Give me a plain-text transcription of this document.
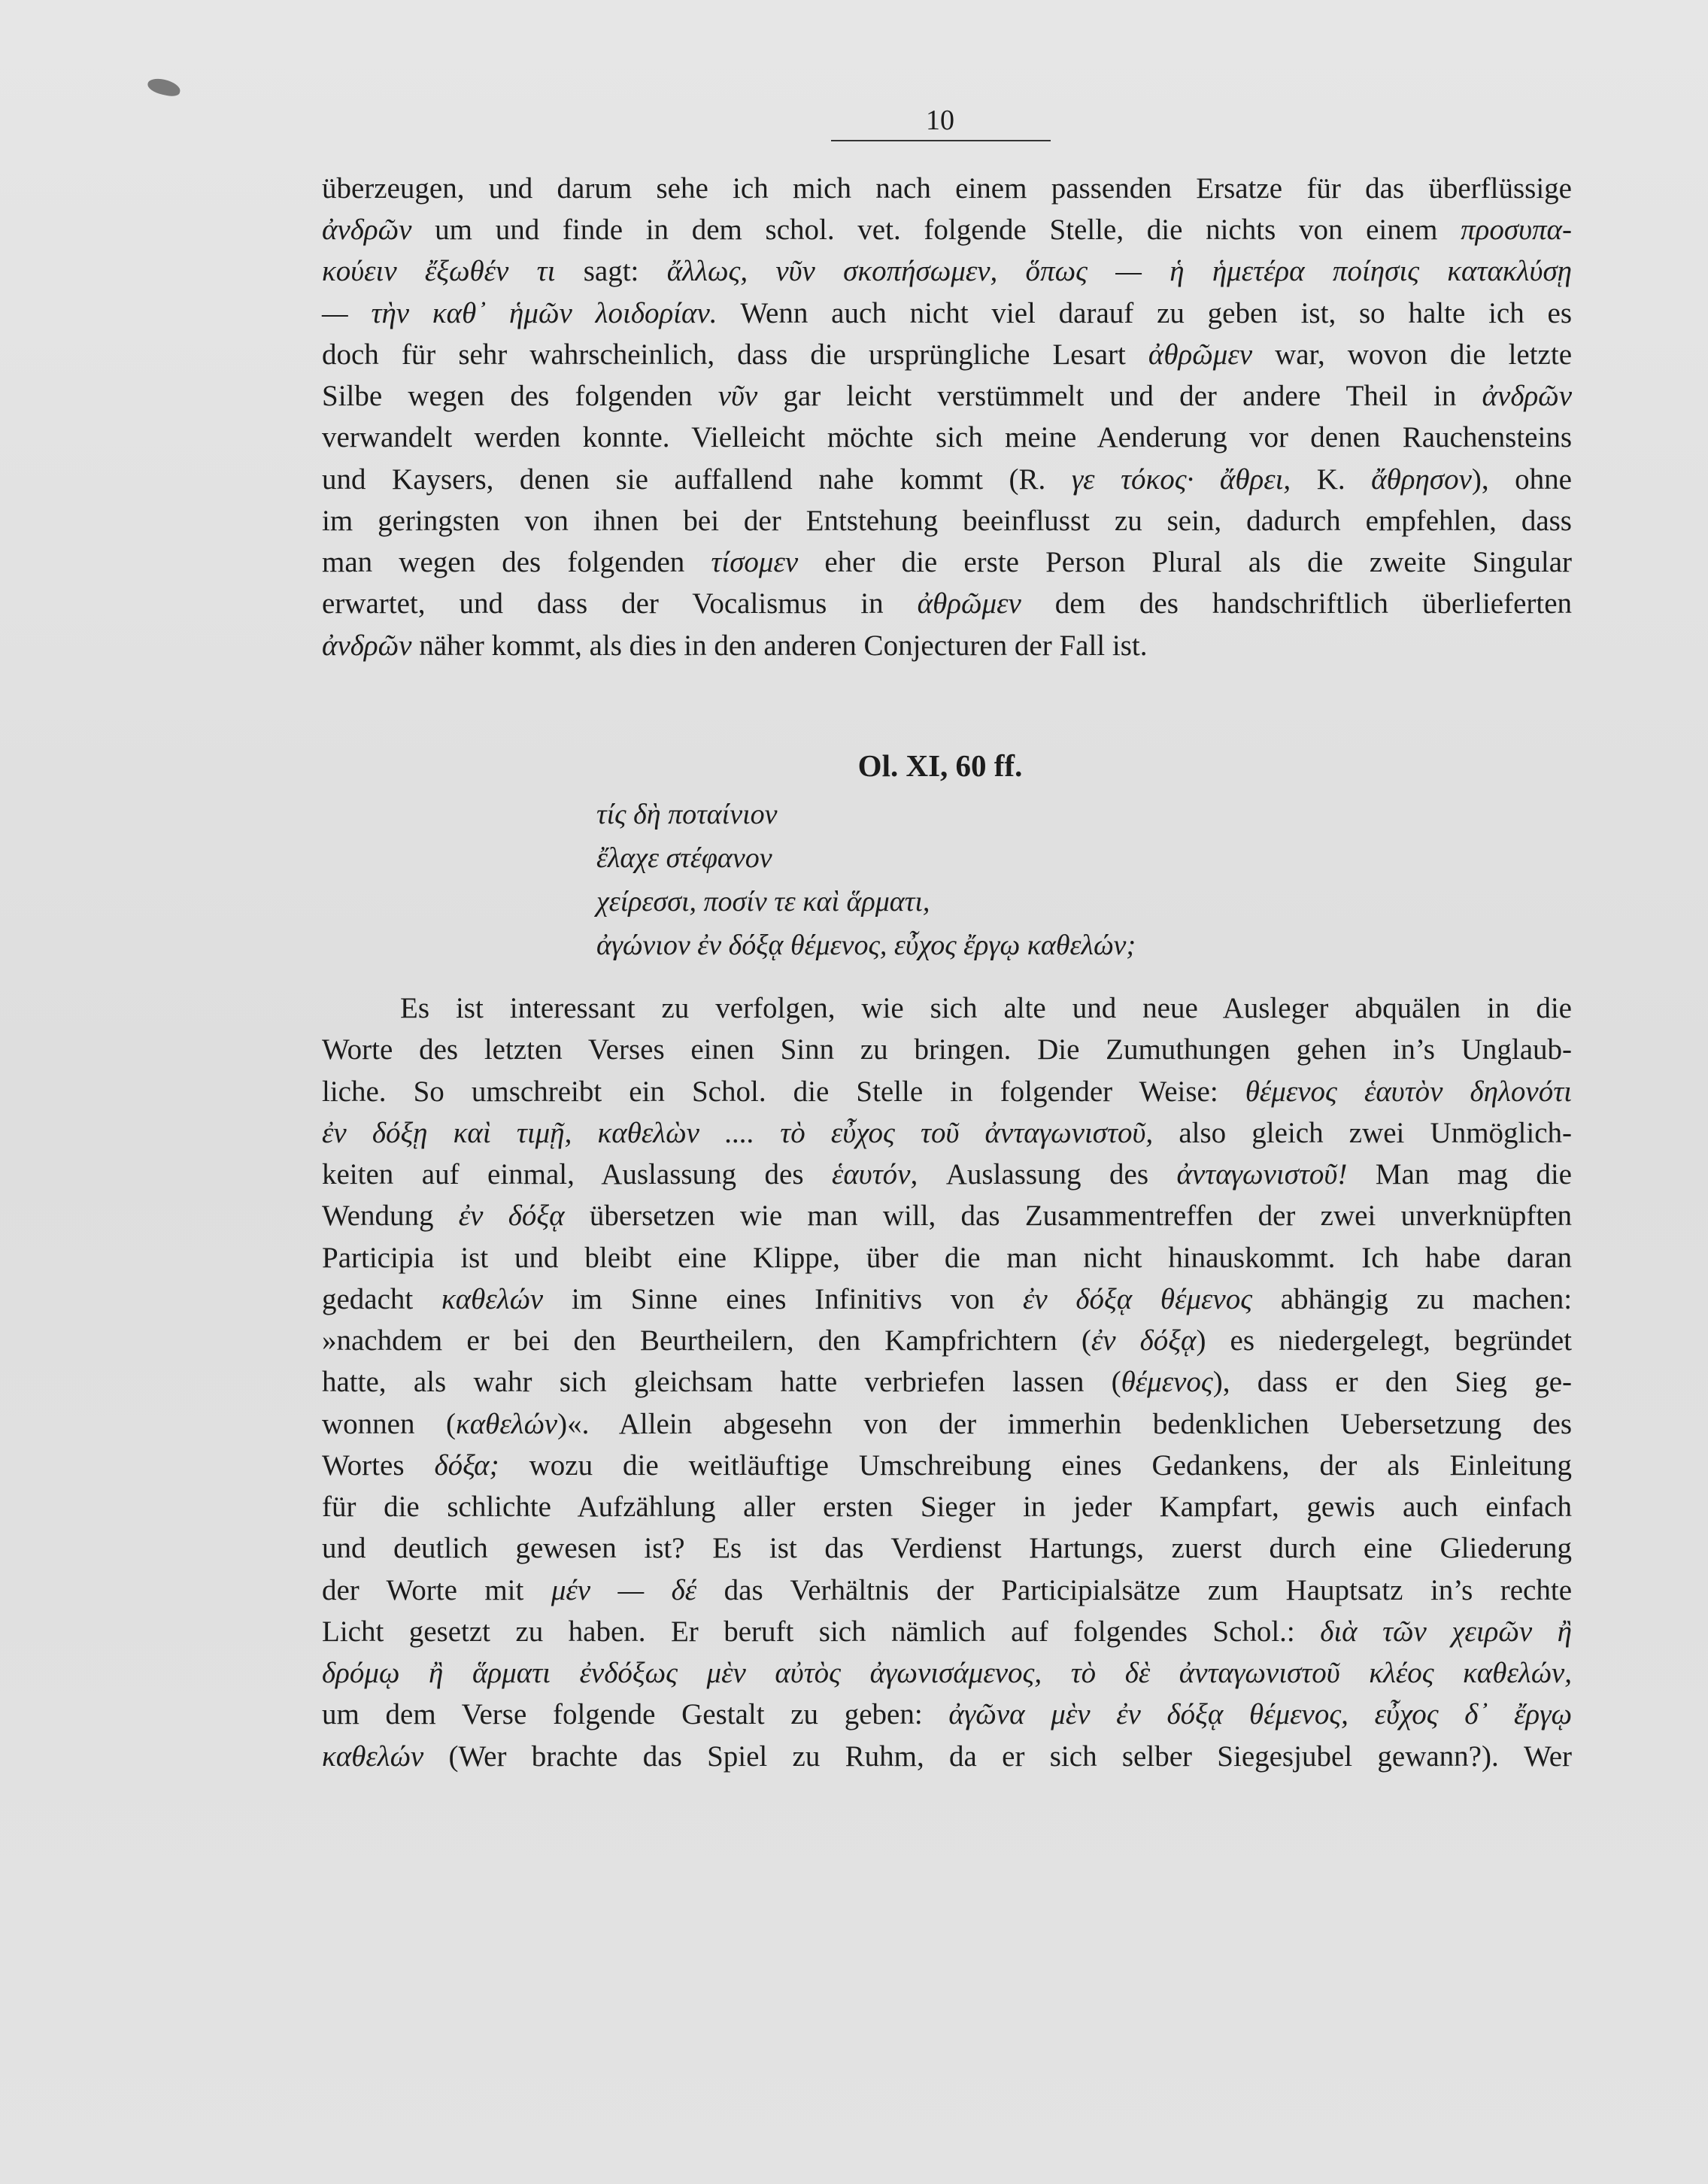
10
überzeugen, und darum sehe ich mich nach einem passenden Ersatze für das überflüssige
ἀνδρῶν um und finde in dem schol. vet. folgende Stelle, die nichts von einem προσυπα-
κούειν ἔξωθέν τι sagt: ἄλλως, νῦν σκοπήσωμεν, ὅπως — ἡ ἡμετέρα ποίησις κατακλύσῃ
— τὴν καθ᾽ ἡμῶν λοιδορίαν. Wenn auch nicht viel darauf zu geben ist, so halte ich es
doch für sehr wahrscheinlich, dass die ursprüngliche Lesart ἀθρῶμεν war, wovon die letzte
Silbe wegen des folgenden νῦν gar leicht verstümmelt und der andere Theil in ἀνδρῶν
verwandelt werden konnte. Vielleicht möchte sich meine Aenderung vor denen Rauchensteins
und Kaysers, denen sie auffallend nahe kommt (R. γε τόκος· ἄθρει, K. ἄθρησον), ohne
im geringsten von ihnen bei der Entstehung beeinflusst zu sein, dadurch empfehlen, dass
man wegen des folgenden τίσομεν eher die erste Person Plural als die zweite Singular
erwartet, und dass der Vocalismus in ἀθρῶμεν dem des handschriftlich überlieferten
ἀνδρῶν näher kommt, als dies in den anderen Conjecturen der Fall ist.
Ol. XI, 60 ff.
τίς δὴ ποταίνιον
ἔλαχε στέφανον
χείρεσσι, ποσίν τε καὶ ἅρματι,
ἀγώνιον ἐν δόξᾳ θέμενος, εὖχος ἔργῳ καθελών;
Es ist interessant zu verfolgen, wie sich alte und neue Ausleger abquälen in die
Worte des letzten Verses einen Sinn zu bringen. Die Zumuthungen gehen in’s Unglaub-
liche. So umschreibt ein Schol. die Stelle in folgender Weise: θέμενος ἑαυτὸν δηλονότι
ἐν δόξῃ καὶ τιμῇ, καθελὼν .... τὸ εὖχος τοῦ ἀνταγωνιστοῦ, also gleich zwei Unmöglich-
keiten auf einmal, Auslassung des ἑαυτόν, Auslassung des ἀνταγωνιστοῦ! Man mag die
Wendung ἐν δόξᾳ übersetzen wie man will, das Zusammentreffen der zwei unverknüpften
Participia ist und bleibt eine Klippe, über die man nicht hinauskommt. Ich habe daran
gedacht καθελών im Sinne eines Infinitivs von ἐν δόξᾳ θέμενος abhängig zu machen:
»nachdem er bei den Beurtheilern, den Kampfrichtern (ἐν δόξᾳ) es niedergelegt, begründet
hatte, als wahr sich gleichsam hatte verbriefen lassen (θέμενος), dass er den Sieg ge-
wonnen (καθελών)«. Allein abgesehn von der immerhin bedenklichen Uebersetzung des
Wortes δόξα; wozu die weitläuftige Umschreibung eines Gedankens, der als Einleitung
für die schlichte Aufzählung aller ersten Sieger in jeder Kampfart, gewis auch einfach
und deutlich gewesen ist? Es ist das Verdienst Hartungs, zuerst durch eine Gliederung
der Worte mit μέν — δέ das Verhältnis der Participialsätze zum Hauptsatz in’s rechte
Licht gesetzt zu haben. Er beruft sich nämlich auf folgendes Schol.: διὰ τῶν χειρῶν ἢ
δρόμῳ ἢ ἅρματι ἐνδόξως μὲν αὐτὸς ἀγωνισάμενος, τὸ δὲ ἀνταγωνιστοῦ κλέος καθελών,
um dem Verse folgende Gestalt zu geben: ἀγῶνα μὲν ἐν δόξᾳ θέμενος, εὖχος δ᾽ ἔργῳ
καθελών (Wer brachte das Spiel zu Ruhm, da er sich selber Siegesjubel gewann?). Wer
